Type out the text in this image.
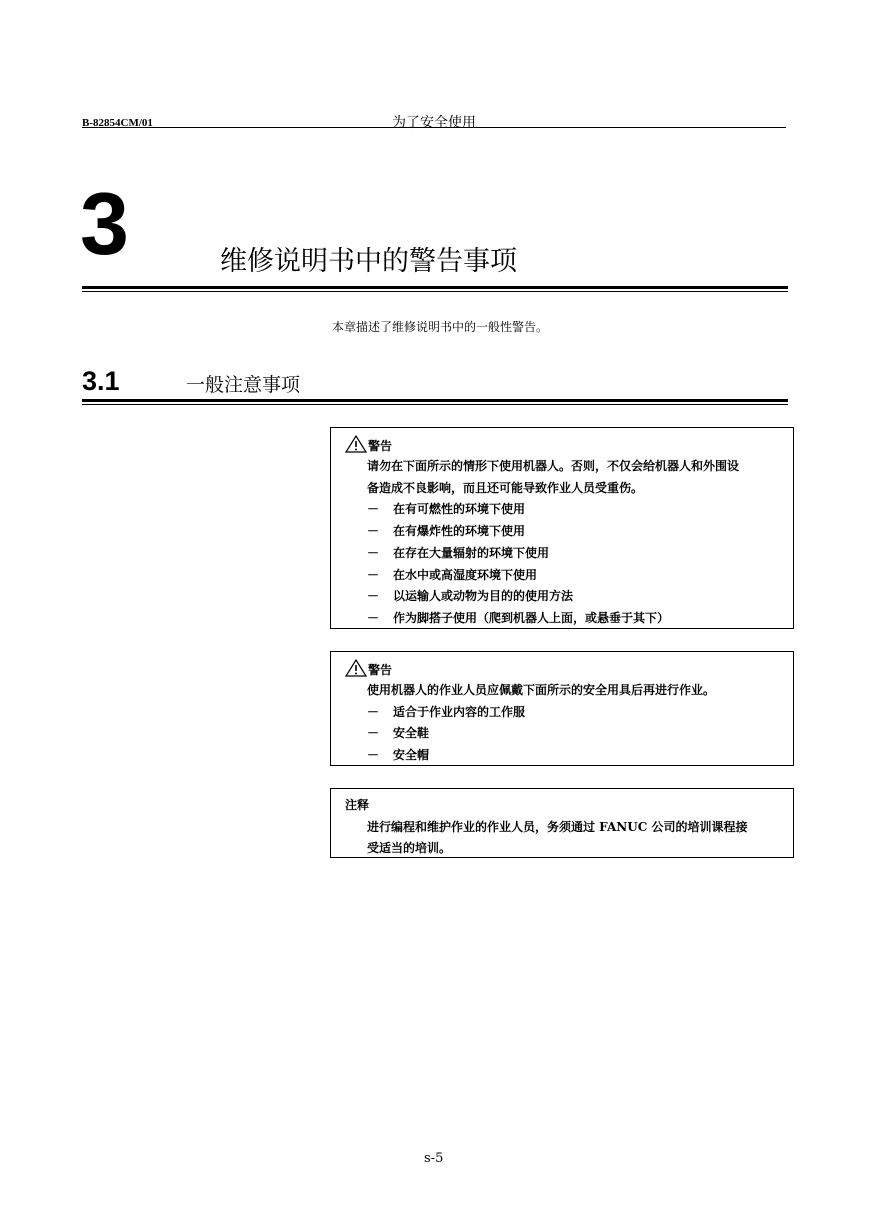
B-82854CM/01	为了安全使用
3	维修说明书中的警告事项
本章描述了维修说明书中的一般性警告。
3.1	一般注意事项
警告
请勿在下面所示的情形下使用机器人。否则，不仅会给机器人和外围设
备造成不良影响，而且还可能导致作业人员受重伤。
－ 在有可燃性的环境下使用
－ 在有爆炸性的环境下使用
－ 在存在大量辐射的环境下使用
－ 在水中或高湿度环境下使用
－ 以运输人或动物为目的的使用方法
－ 作为脚搭子使用（爬到机器人上面，或悬垂于其下）
警告
使用机器人的作业人员应佩戴下面所示的安全用具后再进行作业。
－ 适合于作业内容的工作服
－ 安全鞋
－ 安全帽
注释
进行编程和维护作业的作业人员，务须通过 FANUC 公司的培训课程接
受适当的培训。
s-5
